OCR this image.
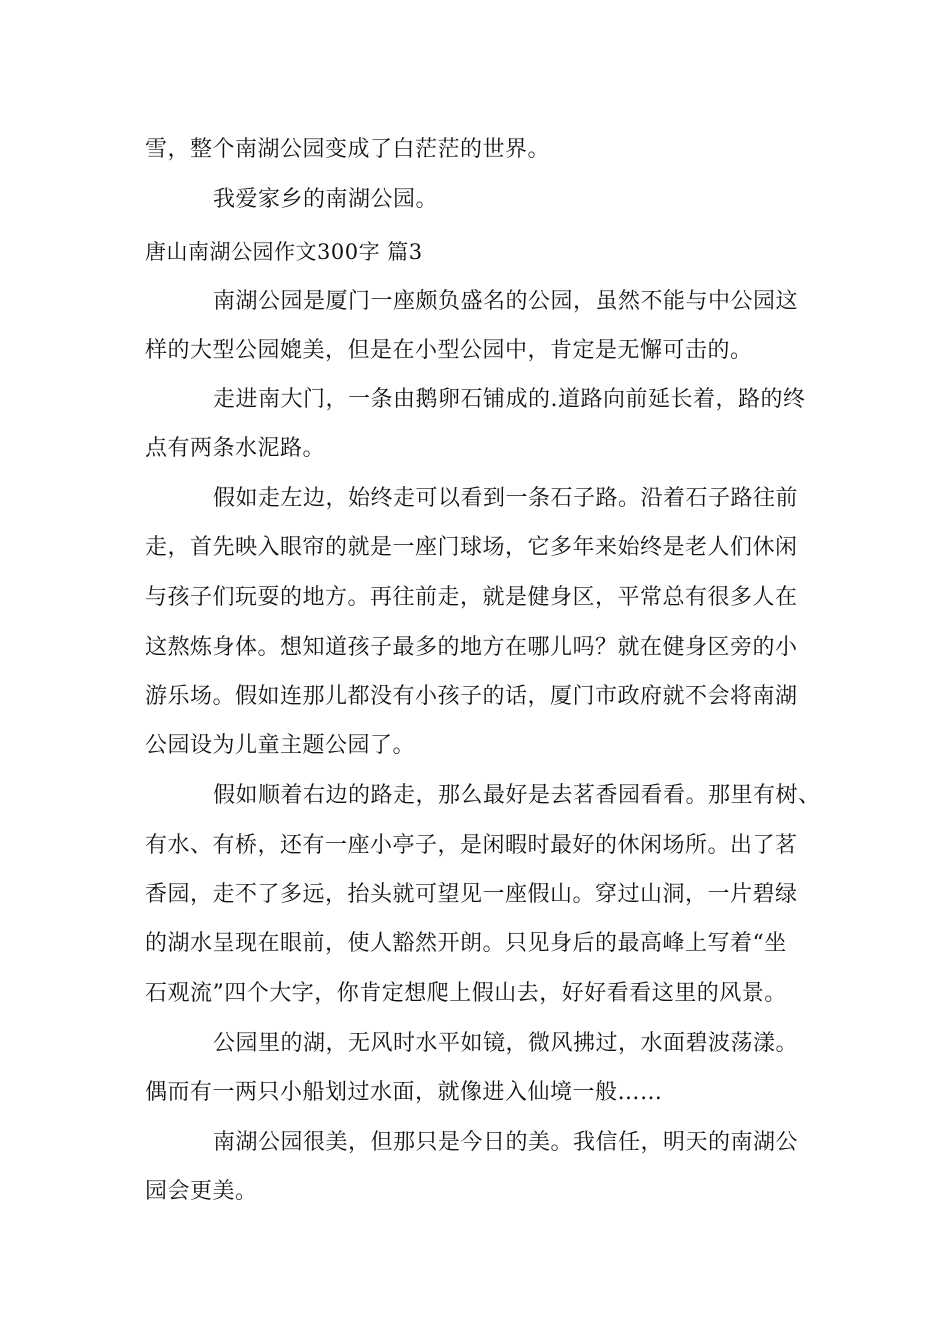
雪，整个南湖公园变成了白茫茫的世界。
我爱家乡的南湖公园。
唐山南湖公园作文300字 篇3
南湖公园是厦门一座颇负盛名的公园，虽然不能与中公园这
样的大型公园媲美，但是在小型公园中，肯定是无懈可击的。
走进南大门，一条由鹅卵石铺成的.道路向前延长着，路的终
点有两条水泥路。
假如走左边，始终走可以看到一条石子路。沿着石子路往前
走，首先映入眼帘的就是一座门球场，它多年来始终是老人们休闲
与孩子们玩耍的地方。再往前走，就是健身区，平常总有很多人在
这熬炼身体。想知道孩子最多的地方在哪儿吗？就在健身区旁的小
游乐场。假如连那儿都没有小孩子的话，厦门市政府就不会将南湖
公园设为儿童主题公园了。
假如顺着右边的路走，那么最好是去茗香园看看。那里有树、
有水、有桥，还有一座小亭子，是闲暇时最好的休闲场所。出了茗
香园，走不了多远，抬头就可望见一座假山。穿过山洞，一片碧绿
的湖水呈现在眼前，使人豁然开朗。只见身后的最高峰上写着“坐
石观流”四个大字，你肯定想爬上假山去，好好看看这里的风景。
公园里的湖，无风时水平如镜，微风拂过，水面碧波荡漾。
偶而有一两只小船划过水面，就像进入仙境一般……
南湖公园很美，但那只是今日的美。我信任，明天的南湖公
园会更美。
